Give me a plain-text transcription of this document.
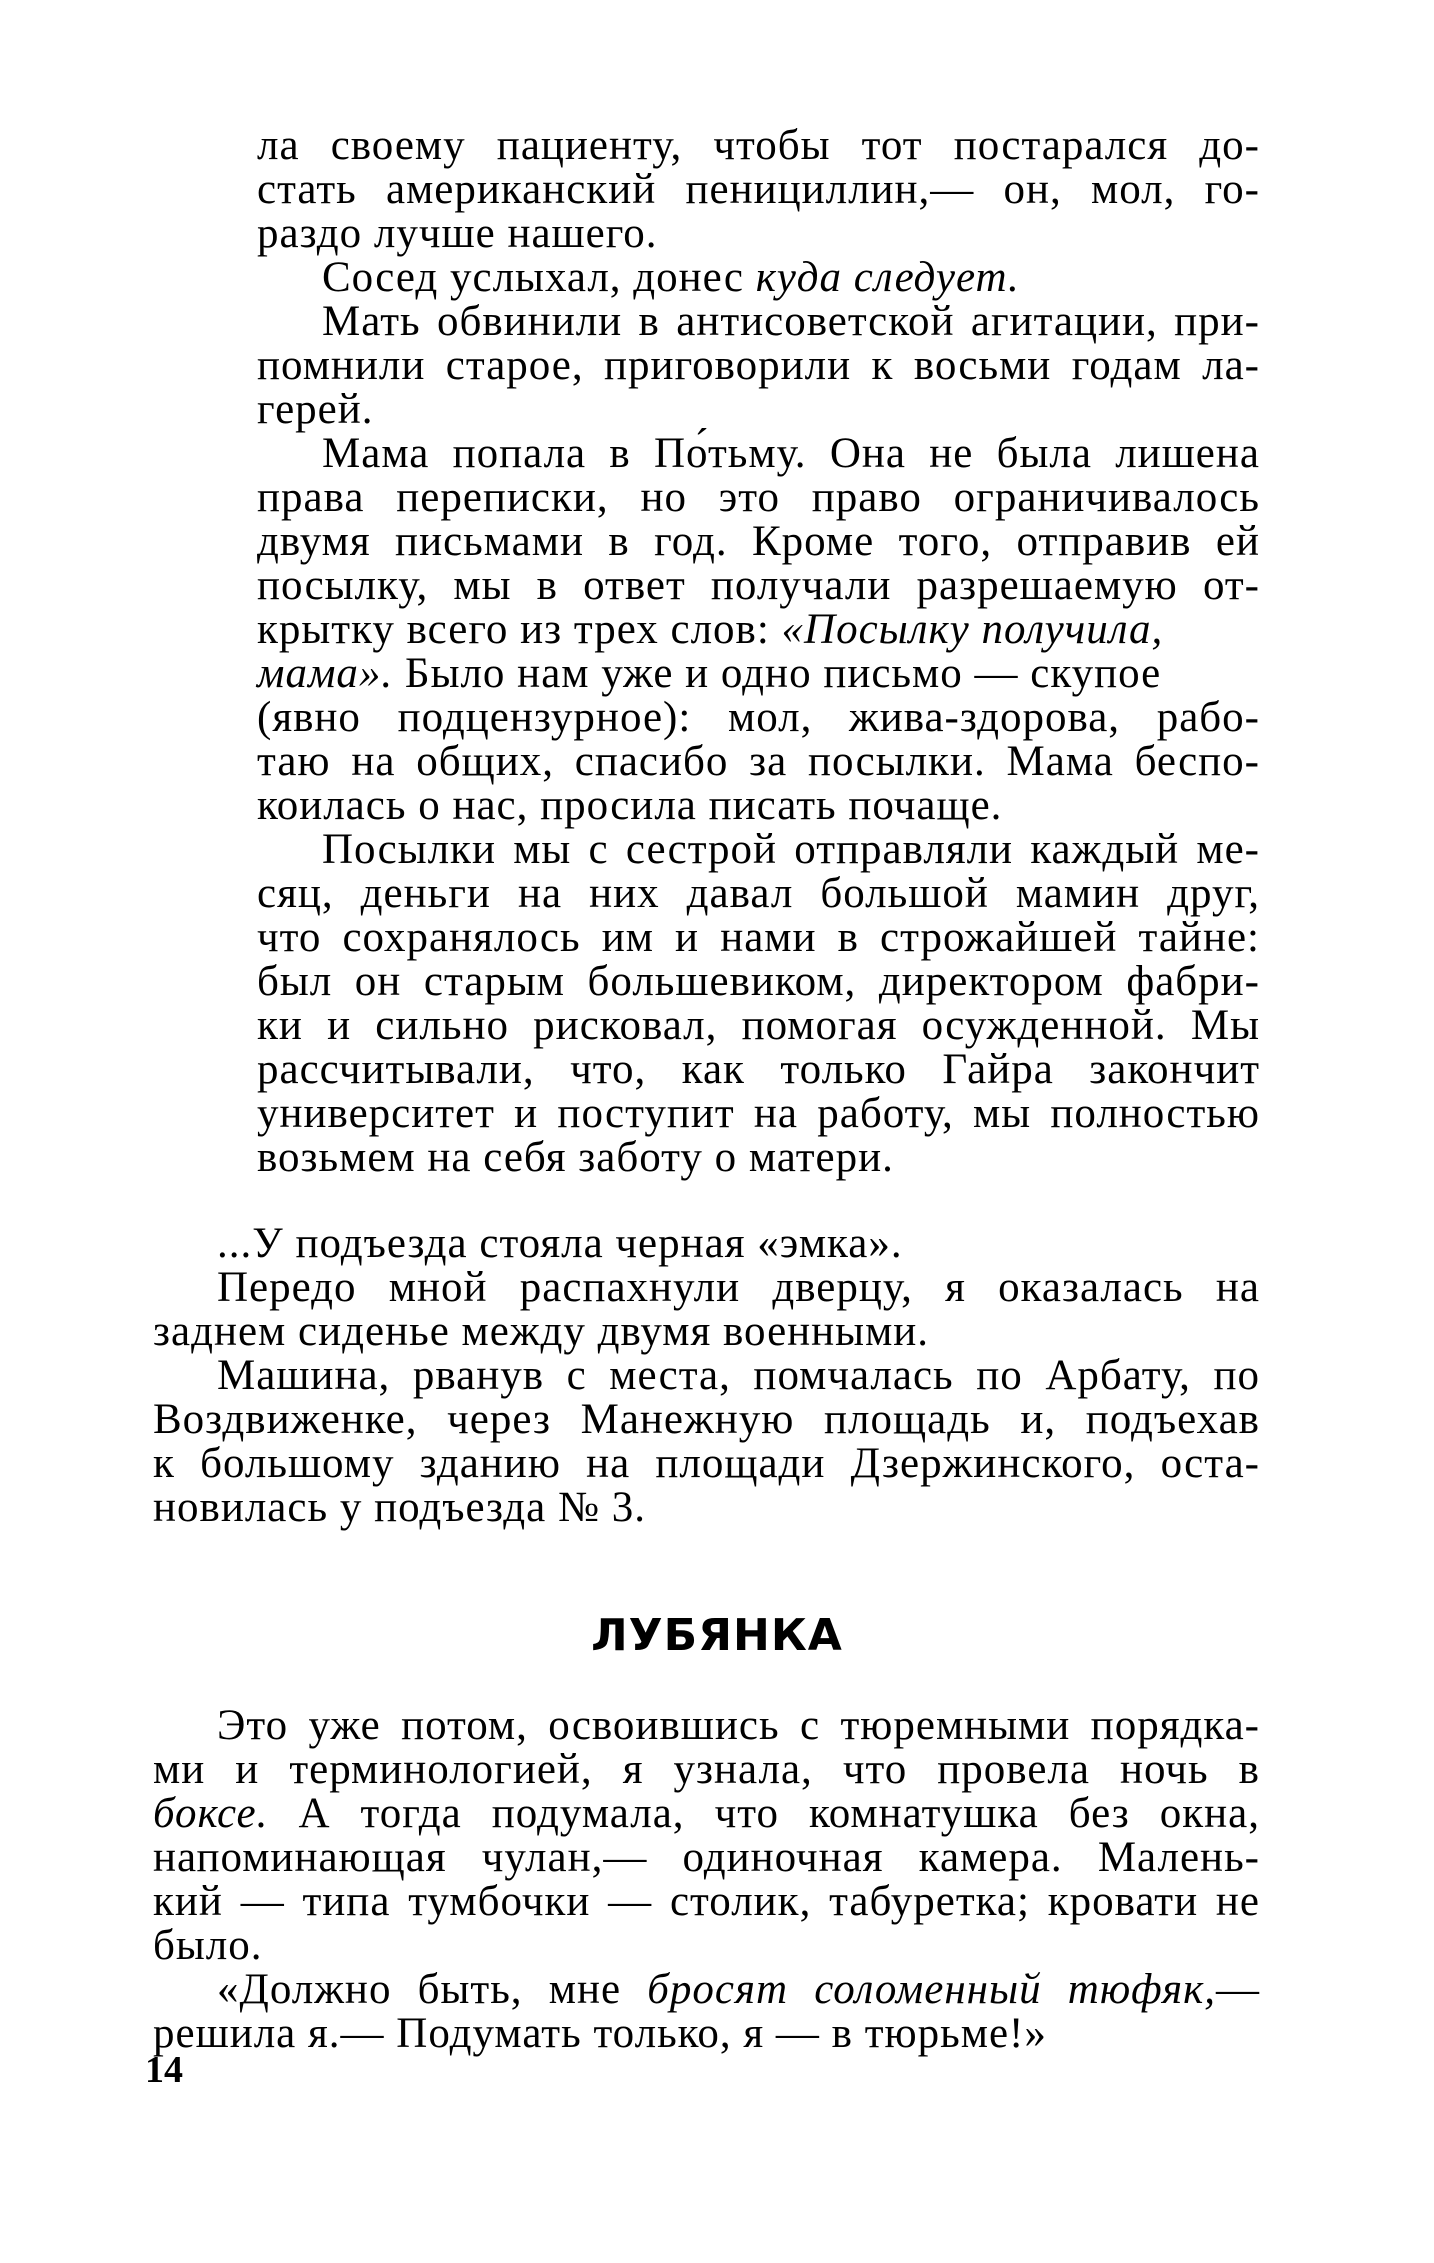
ла своему пациенту, чтобы тот постарался до-
стать американский пенициллин,— он, мол, го-
раздо лучше нашего.
Сосед услыхал, донес куда следует.
Мать обвинили в антисоветской агитации, при-
помнили старое, приговорили к восьми годам ла-
герей.
Мама попала в По́тьму. Она не была лишена
права переписки, но это право ограничивалось
двумя письмами в год. Кроме того, отправив ей
посылку, мы в ответ получали разрешаемую от-
крытку всего из трех слов: «Посылку получила,
мама». Было нам уже и одно письмо — скупое
(явно подцензурное): мол, жива-здорова, рабо-
таю на общих, спасибо за посылки. Мама беспо-
коилась о нас, просила писать почаще.
Посылки мы с сестрой отправляли каждый ме-
сяц, деньги на них давал большой мамин друг,
что сохранялось им и нами в строжайшей тайне:
был он старым большевиком, директором фабри-
ки и сильно рисковал, помогая осужденной. Мы
рассчитывали, что, как только Гайра закончит
университет и поступит на работу, мы полностью
возьмем на себя заботу о матери.
...У подъезда стояла черная «эмка».
Передо мной распахнули дверцу, я оказалась на
заднем сиденье между двумя военными.
Машина, рванув с места, помчалась по Арбату, по
Воздвиженке, через Манежную площадь и, подъехав
к большому зданию на площади Дзержинского, оста-
новилась у подъезда № 3.
ЛУБЯНКА
Это уже потом, освоившись с тюремными порядка-
ми и терминологией, я узнала, что провела ночь в
боксе. А тогда подумала, что комнатушка без окна,
напоминающая чулан,— одиночная камера. Малень-
кий — типа тумбочки — столик, табуретка; кровати не
было.
«Должно быть, мне бросят соломенный тюфяк,—
решила я.— Подумать только, я — в тюрьме!»
14
